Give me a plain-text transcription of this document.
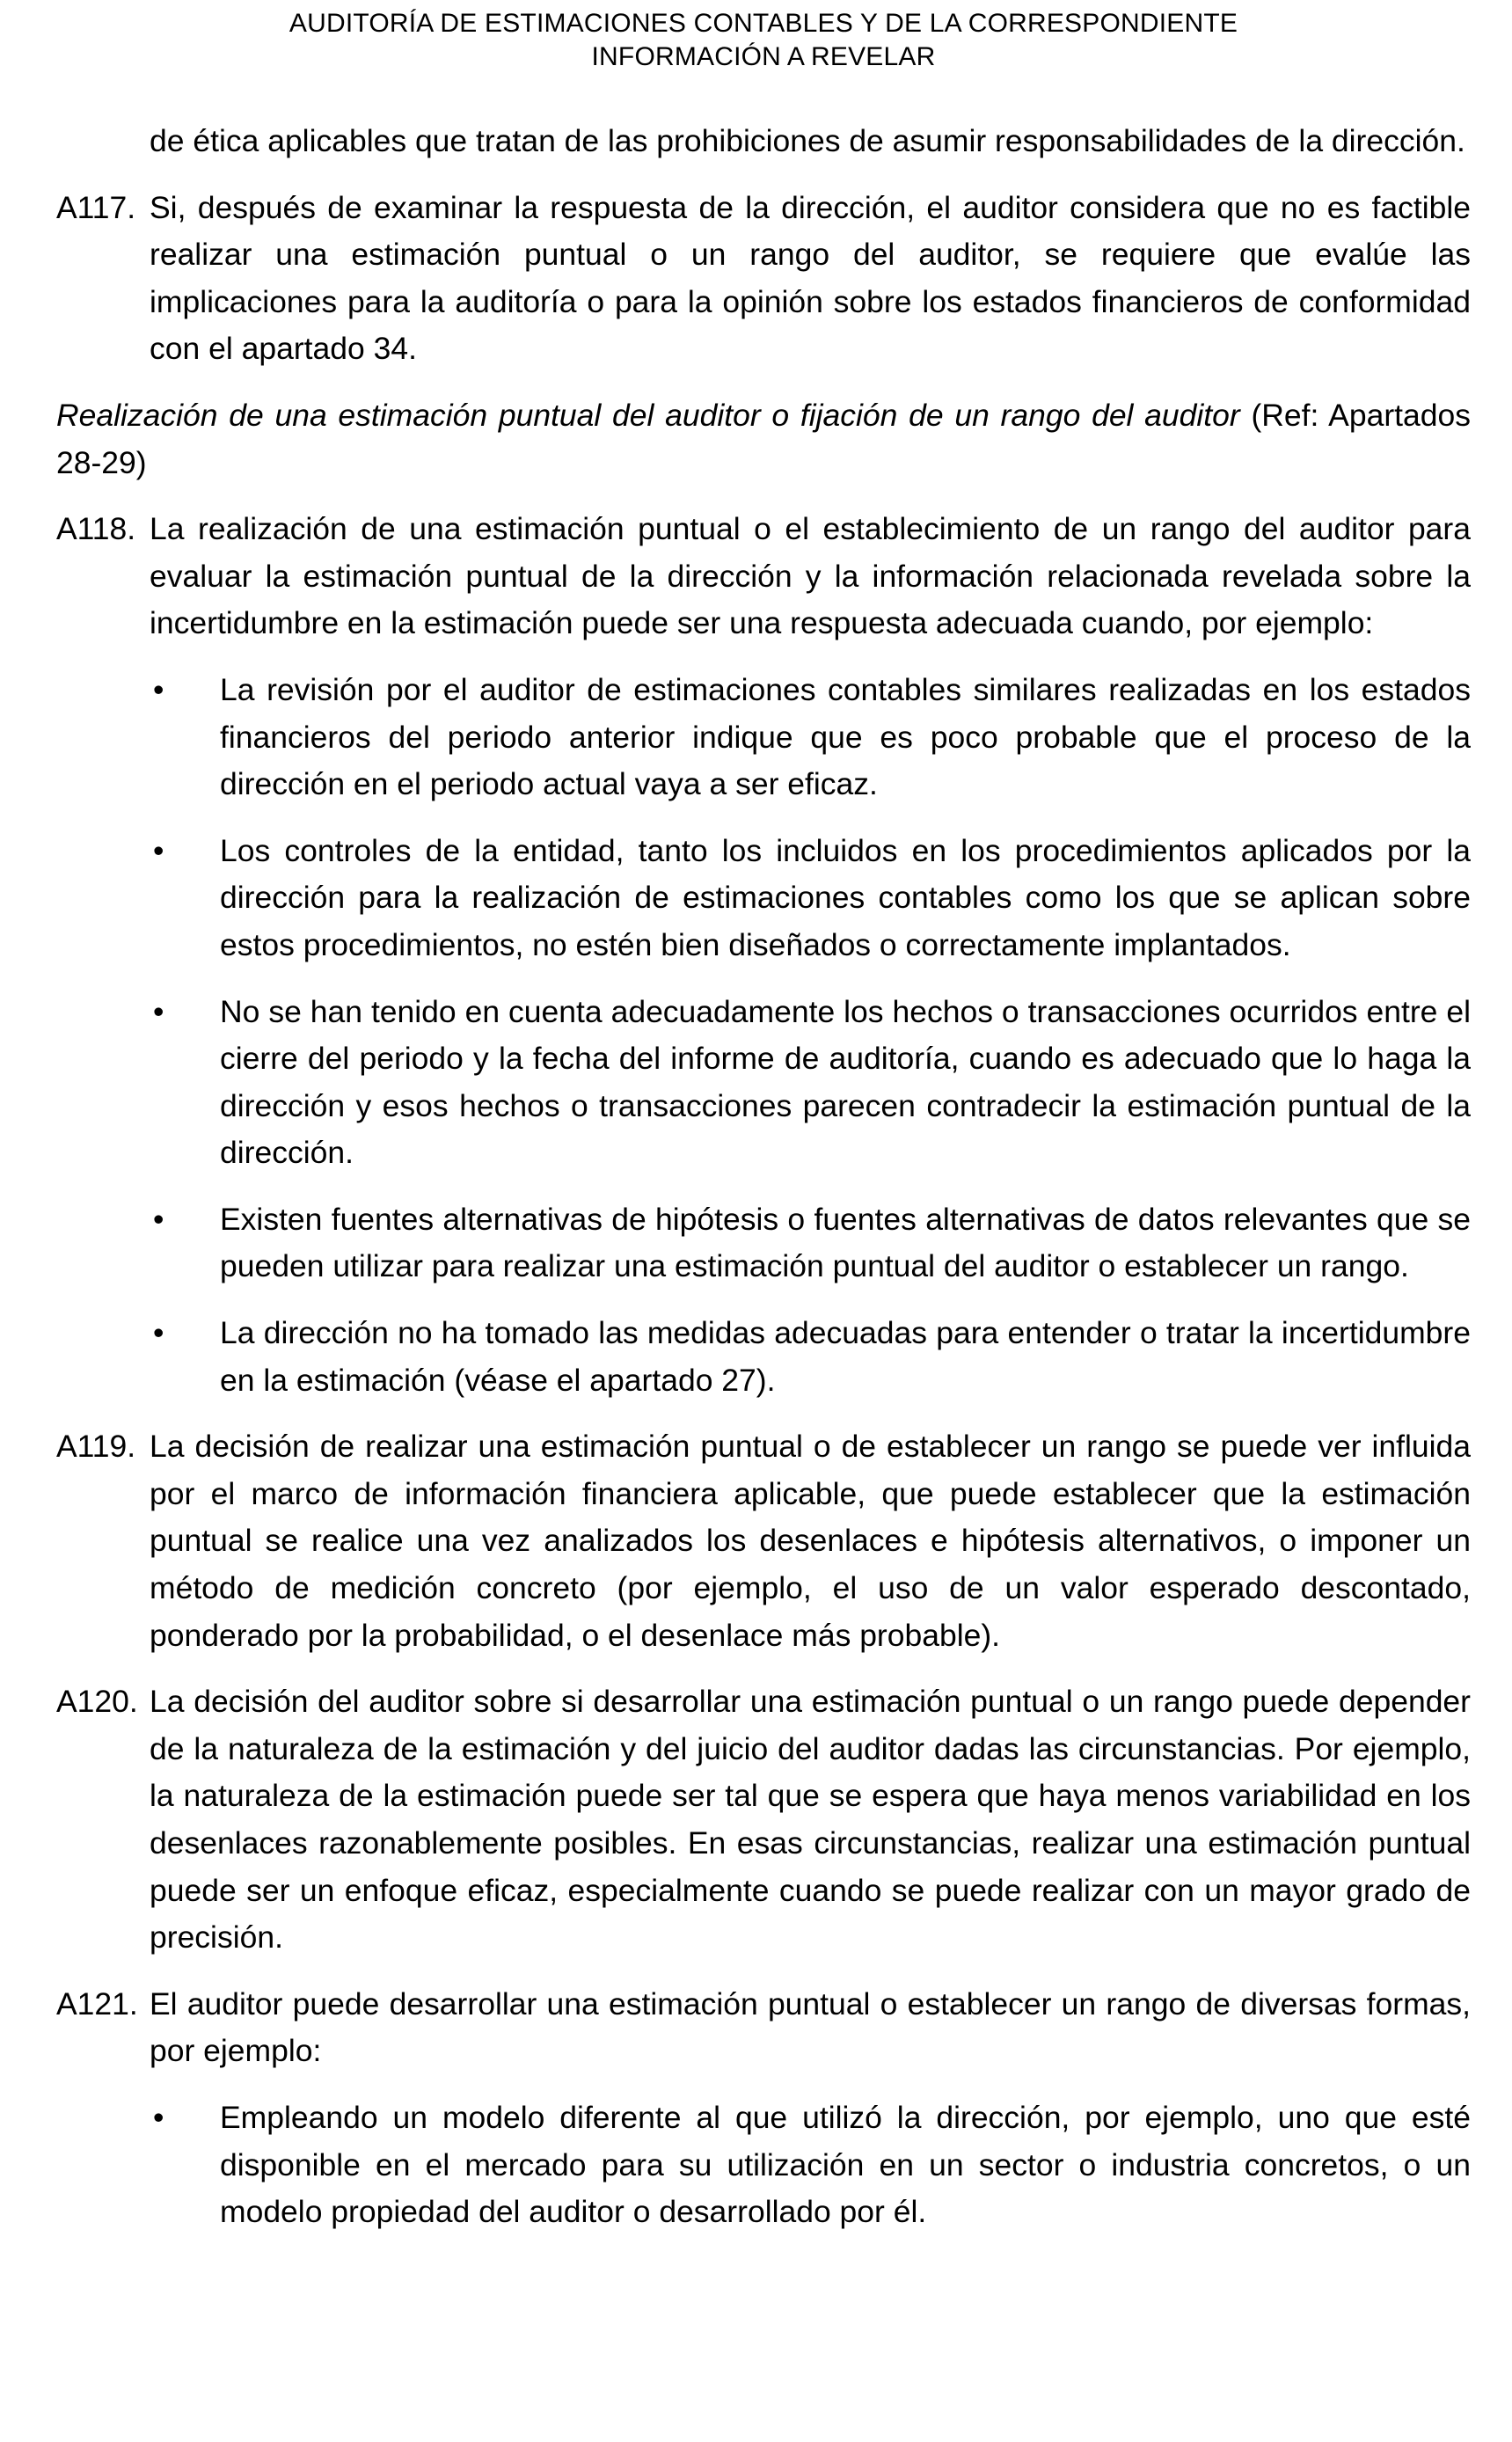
AUDITORÍA DE ESTIMACIONES CONTABLES Y DE LA CORRESPONDIENTE
INFORMACIÓN A REVELAR

de ética aplicables que tratan de las prohibiciones de asumir responsabilidades de la dirección.

A117. Si, después de examinar la respuesta de la dirección, el auditor considera que no es factible realizar una estimación puntual o un rango del auditor, se requiere que evalúe las implicaciones para la auditoría o para la opinión sobre los estados financieros de conformidad con el apartado 34.

Realización de una estimación puntual del auditor o fijación de un rango del auditor (Ref: Apartados 28-29)

A118. La realización de una estimación puntual o el establecimiento de un rango del auditor para evaluar la estimación puntual de la dirección y la información relacionada revelada sobre la incertidumbre en la estimación puede ser una respuesta adecuada cuando, por ejemplo:

• La revisión por el auditor de estimaciones contables similares realizadas en los estados financieros del periodo anterior indique que es poco probable que el proceso de la dirección en el periodo actual vaya a ser eficaz.
• Los controles de la entidad, tanto los incluidos en los procedimientos aplicados por la dirección para la realización de estimaciones contables como los que se aplican sobre estos procedimientos, no estén bien diseñados o correctamente implantados.
• No se han tenido en cuenta adecuadamente los hechos o transacciones ocurridos entre el cierre del periodo y la fecha del informe de auditoría, cuando es adecuado que lo haga la dirección y esos hechos o transacciones parecen contradecir la estimación puntual de la dirección.
• Existen fuentes alternativas de hipótesis o fuentes alternativas de datos relevantes que se pueden utilizar para realizar una estimación puntual del auditor o establecer un rango.
• La dirección no ha tomado las medidas adecuadas para entender o tratar la incertidumbre en la estimación (véase el apartado 27).

A119. La decisión de realizar una estimación puntual o de establecer un rango se puede ver influida por el marco de información financiera aplicable, que puede establecer que la estimación puntual se realice una vez analizados los desenlaces e hipótesis alternativos, o imponer un método de medición concreto (por ejemplo, el uso de un valor esperado descontado, ponderado por la probabilidad, o el desenlace más probable).

A120. La decisión del auditor sobre si desarrollar una estimación puntual o un rango puede depender de la naturaleza de la estimación y del juicio del auditor dadas las circunstancias. Por ejemplo, la naturaleza de la estimación puede ser tal que se espera que haya menos variabilidad en los desenlaces razonablemente posibles. En esas circunstancias, realizar una estimación puntual puede ser un enfoque eficaz, especialmente cuando se puede realizar con un mayor grado de precisión.

A121. El auditor puede desarrollar una estimación puntual o establecer un rango de diversas formas, por ejemplo:

• Empleando un modelo diferente al que utilizó la dirección, por ejemplo, uno que esté disponible en el mercado para su utilización en un sector o industria concretos, o un modelo propiedad del auditor o desarrollado por él.
